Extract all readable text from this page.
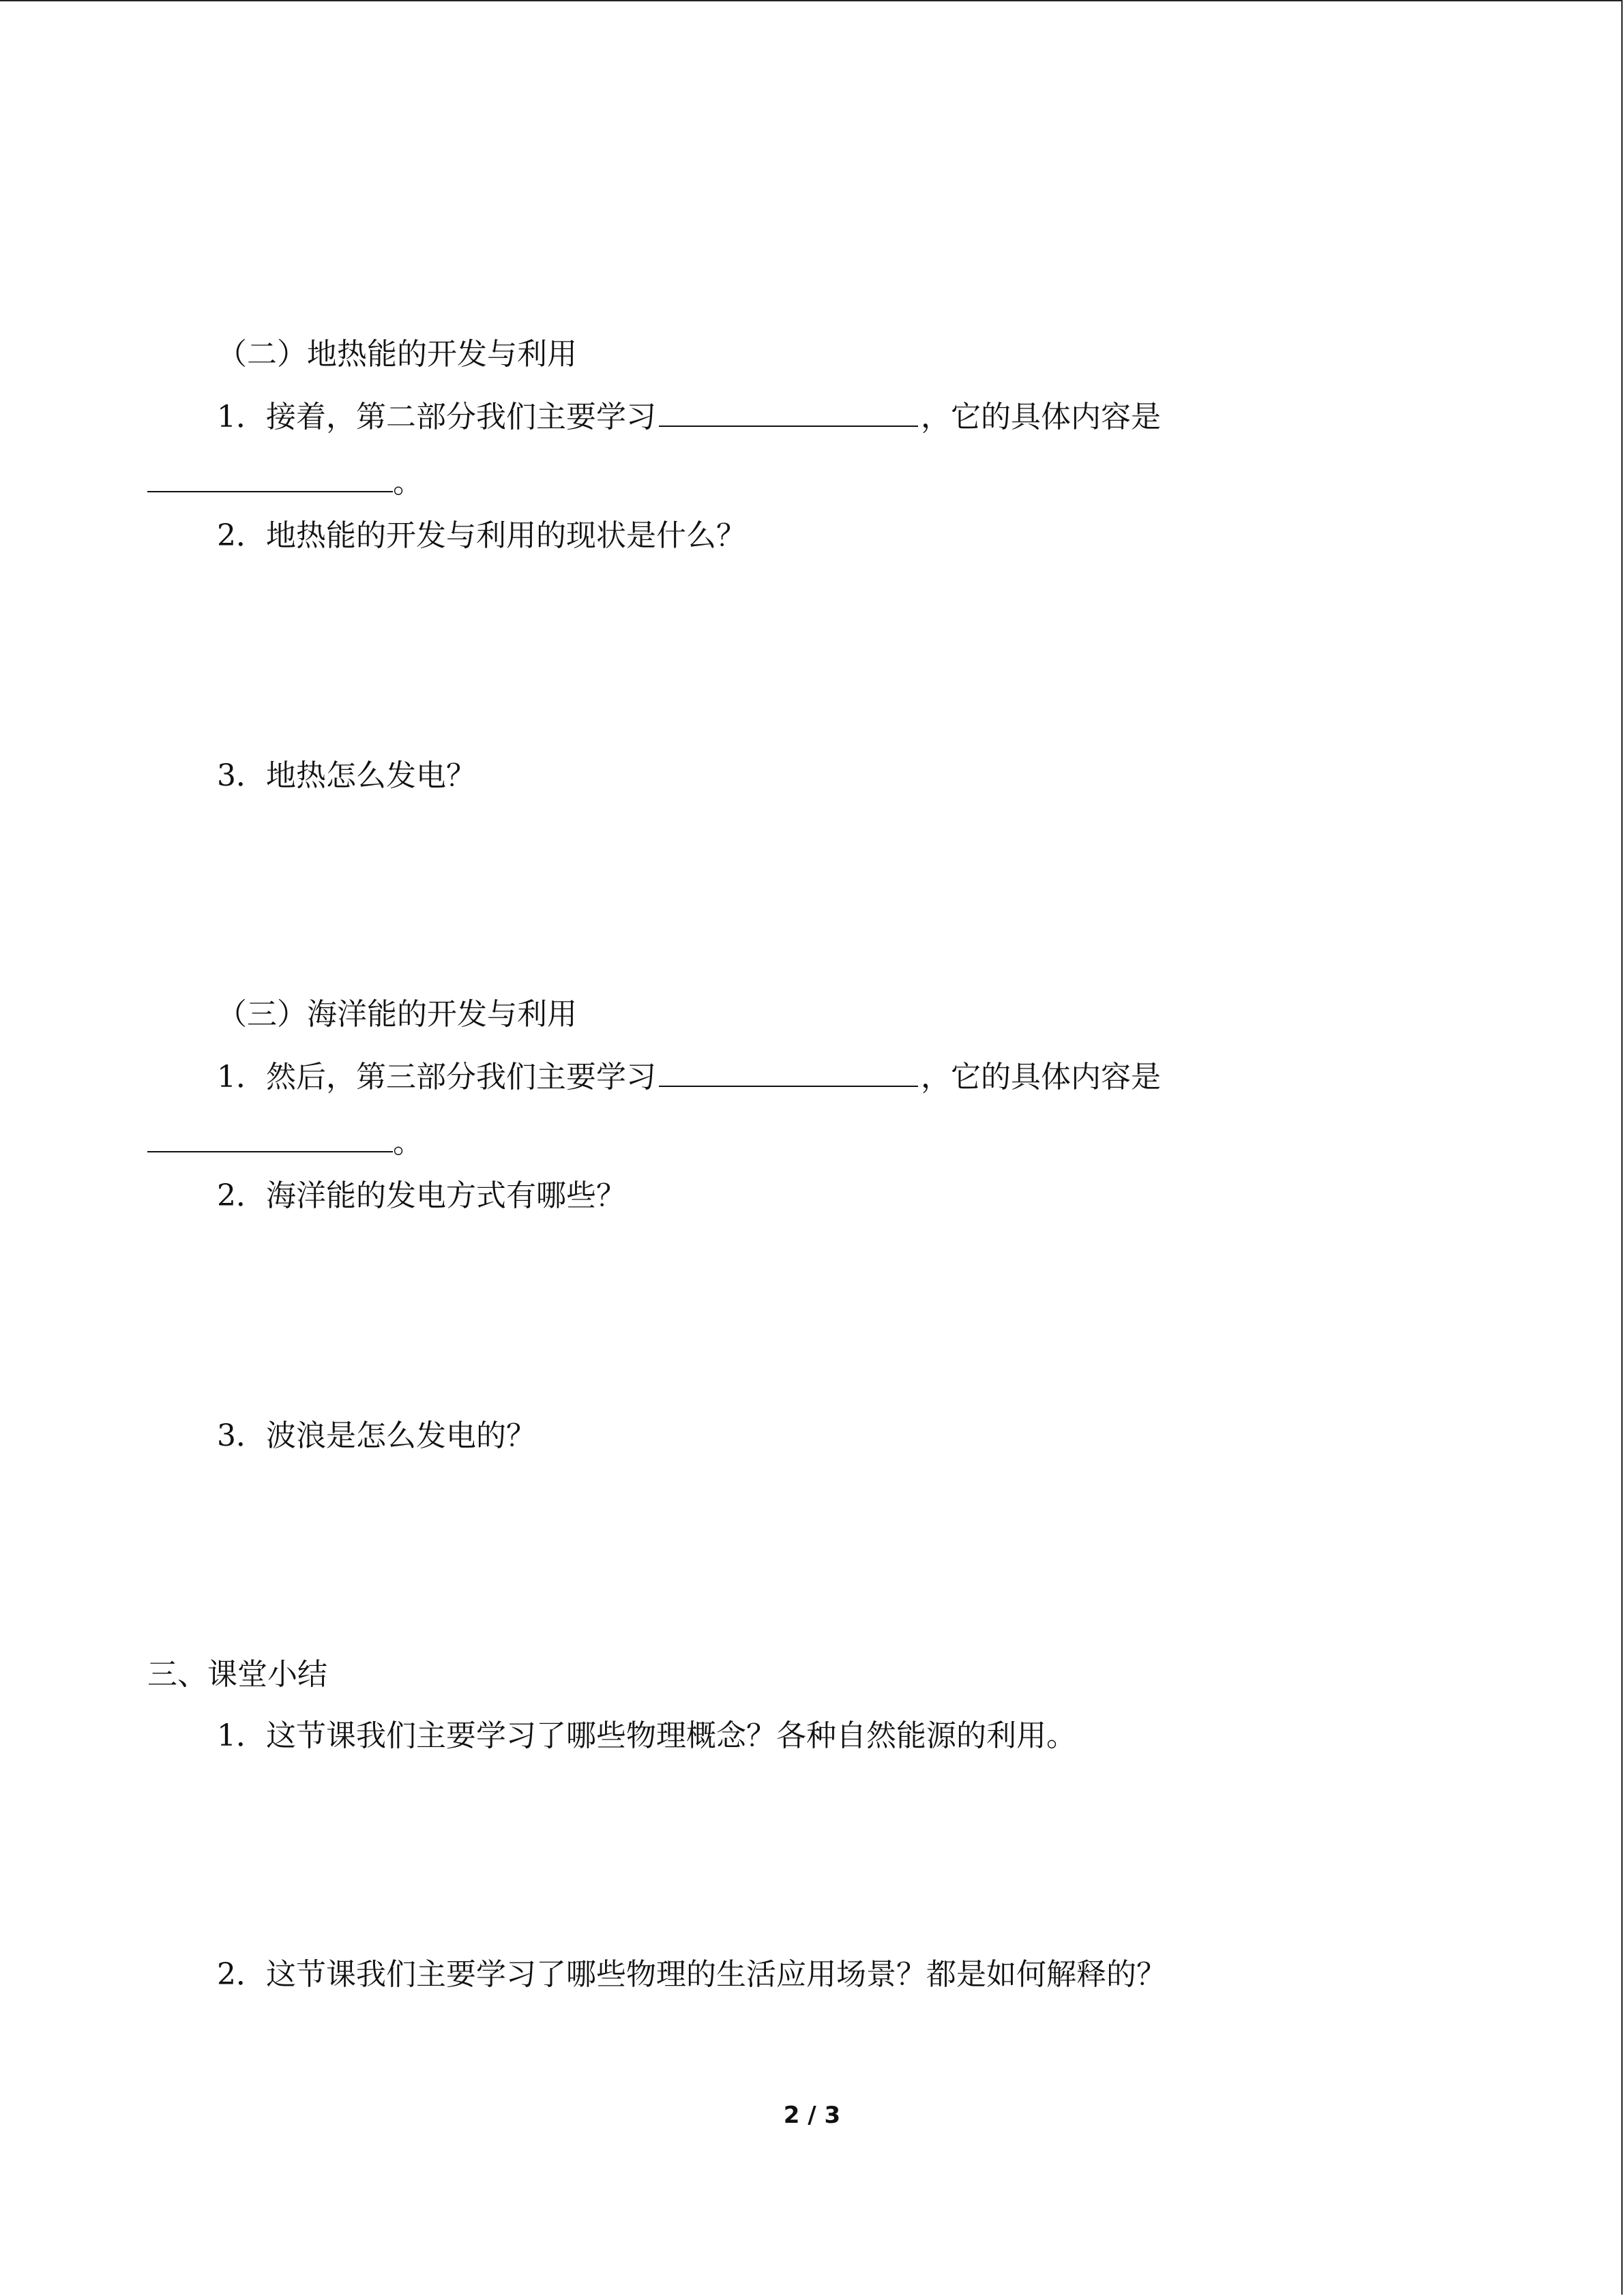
（二）地热能的开发与利用
1．接着，第二部分我们主要学习	，它的具体内容是
。
2．地热能的开发与利用的现状是什么？
3．地热怎么发电？
（三）海洋能的开发与利用
1．然后，第三部分我们主要学习	，它的具体内容是
。
2．海洋能的发电方式有哪些？
3．波浪是怎么发电的？
三、课堂小结
1．这节课我们主要学习了哪些物理概念？各种自然能源的利用。
2．这节课我们主要学习了哪些物理的生活应用场景？都是如何解释的？
2 / 3
